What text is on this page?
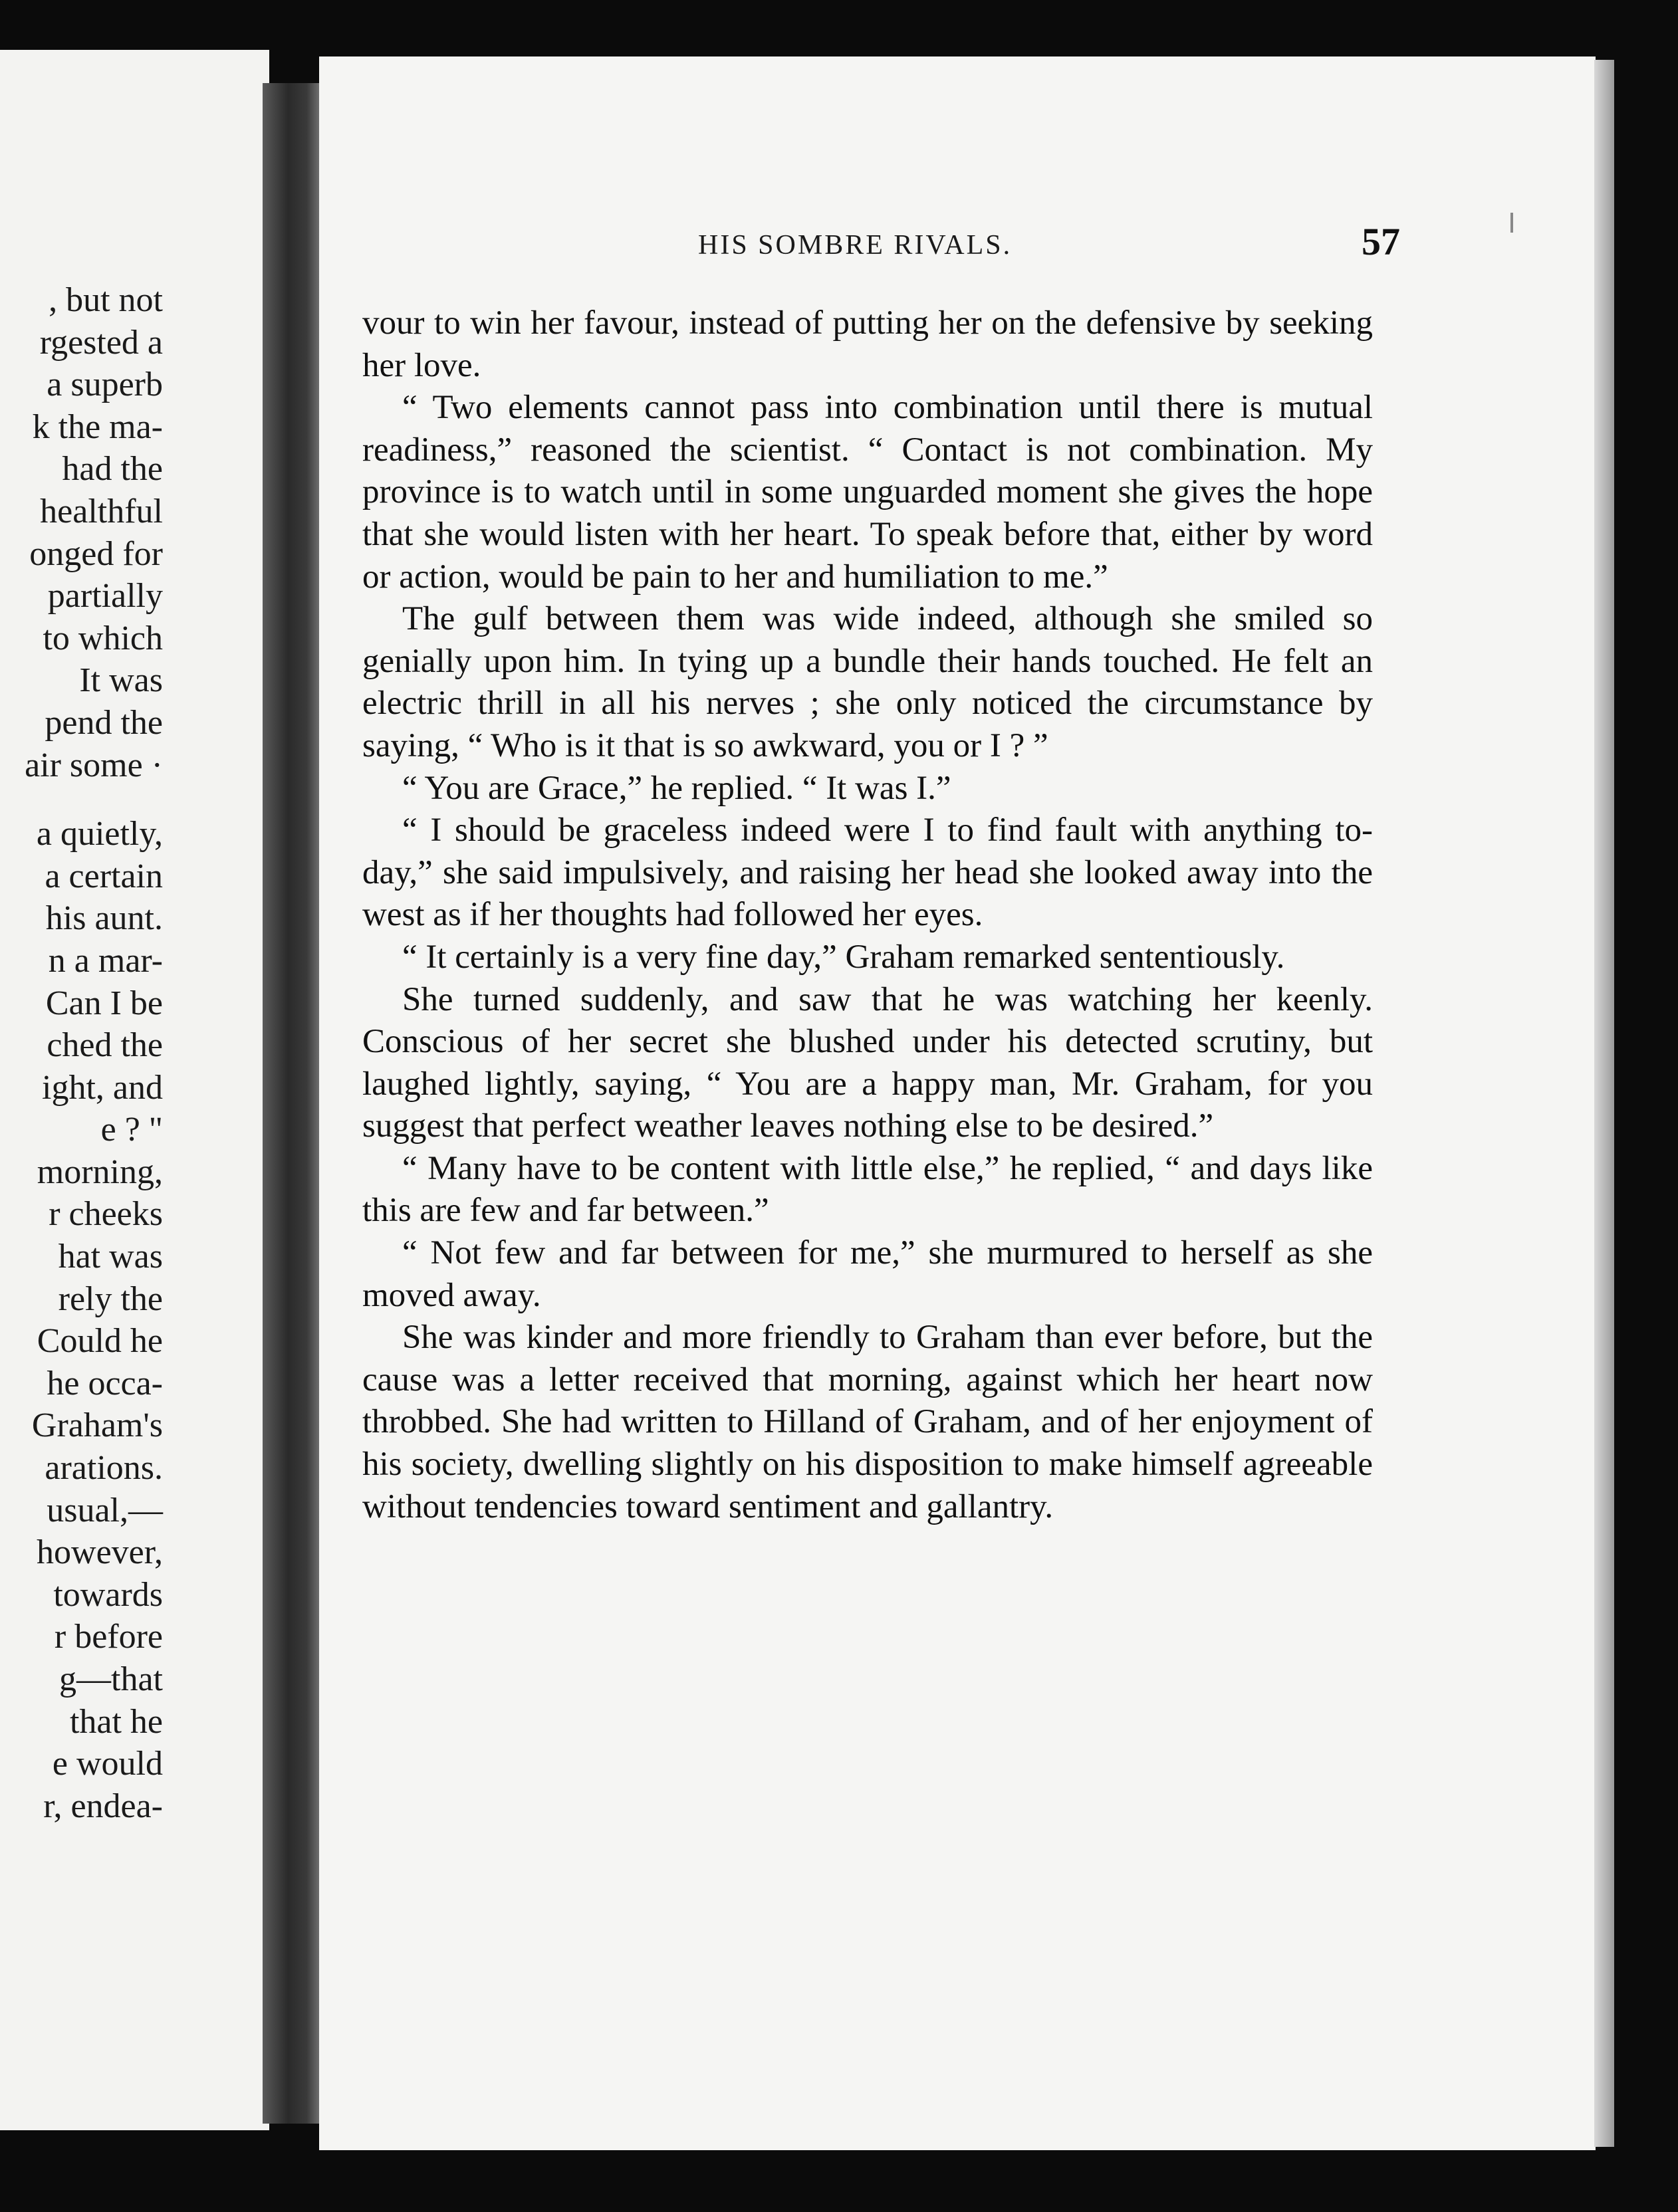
, but not
rgested a
a superb
k the ma-
had the
healthful
onged for
partially
to which
It was
pend the
air some ·
a quietly,
a certain
his aunt.
n a mar-
Can I be
ched the
ight, and
e ? "
morning,
r cheeks
hat was
rely the
Could he
he occa-
Graham's
arations.
usual,—
however,
towards
r before
g—that
that he
e would
r, endea-
HIS SOMBRE RIVALS.	57

vour to win her favour, instead of putting her on the defensive by seeking her love.

“ Two elements cannot pass into combination until there is mutual readiness,” reasoned the scientist. “ Contact is not combination. My province is to watch until in some unguarded moment she gives the hope that she would listen with her heart. To speak before that, either by word or action, would be pain to her and humiliation to me.”

The gulf between them was wide indeed, although she smiled so genially upon him. In tying up a bundle their hands touched. He felt an electric thrill in all his nerves ; she only noticed the circumstance by saying, “ Who is it that is so awkward, you or I ? ”

“ You are Grace,” he replied. “ It was I.”

“ I should be graceless indeed were I to find fault with anything to-day,” she said impulsively, and raising her head she looked away into the west as if her thoughts had followed her eyes.

“ It certainly is a very fine day,” Graham remarked sententiously.

She turned suddenly, and saw that he was watching her keenly. Conscious of her secret she blushed under his detected scrutiny, but laughed lightly, saying, “ You are a happy man, Mr. Graham, for you suggest that perfect weather leaves nothing else to be desired.”

“ Many have to be content with little else,” he replied, “ and days like this are few and far between.”

“ Not few and far between for me,” she murmured to herself as she moved away.

She was kinder and more friendly to Graham than ever before, but the cause was a letter received that morning, against which her heart now throbbed. She had written to Hilland of Graham, and of her enjoyment of his society, dwelling slightly on his disposition to make himself agreeable without tendencies toward sentiment and gallantry.
